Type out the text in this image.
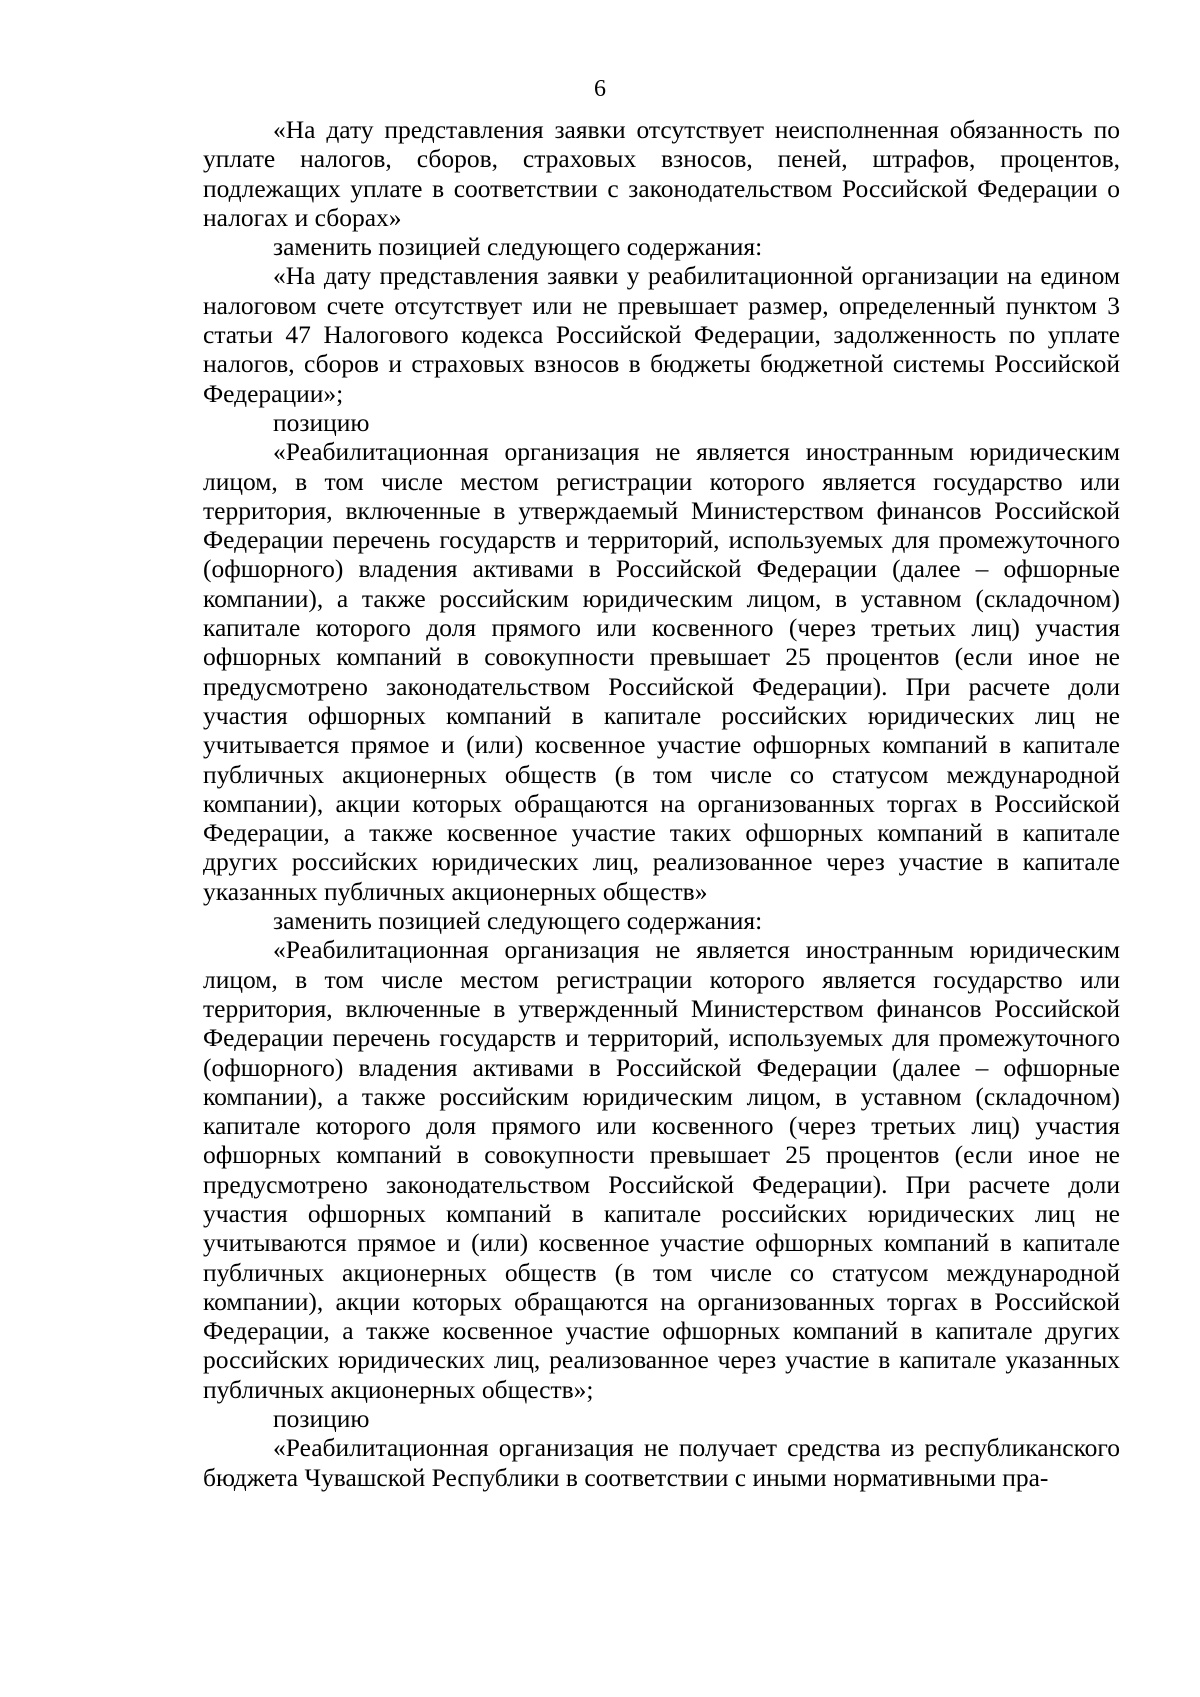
6

«На дату представления заявки отсутствует неисполненная обязанность по уплате налогов, сборов, страховых взносов, пеней, штрафов, процентов, подлежащих уплате в соответствии с законодательством Российской Федерации о налогах и сборах»

заменить позицией следующего содержания:

«На дату представления заявки у реабилитационной организации на едином налоговом счете отсутствует или не превышает размер, определенный пунктом 3 статьи 47 Налогового кодекса Российской Федерации, задолженность по уплате налогов, сборов и страховых взносов в бюджеты бюджетной системы Российской Федерации»;

позицию

«Реабилитационная организация не является иностранным юридическим лицом, в том числе местом регистрации которого является государство или территория, включенные в утверждаемый Министерством финансов Российской Федерации перечень государств и территорий, используемых для промежуточного (офшорного) владения активами в Российской Федерации (далее – офшорные компании), а также российским юридическим лицом, в уставном (складочном) капитале которого доля прямого или косвенного (через третьих лиц) участия офшорных компаний в совокупности превышает 25 процентов (если иное не предусмотрено законодательством Российской Федерации). При расчете доли участия офшорных компаний в капитале российских юридических лиц не учитывается прямое и (или) косвенное участие офшорных компаний в капитале публичных акционерных обществ (в том числе со статусом международной компании), акции которых обращаются на организованных торгах в Российской Федерации, а также косвенное участие таких офшорных компаний в капитале других российских юридических лиц, реализованное через участие в капитале указанных публичных акционерных обществ»

заменить позицией следующего содержания:

«Реабилитационная организация не является иностранным юридическим лицом, в том числе местом регистрации которого является государство или территория, включенные в утвержденный Министерством финансов Российской Федерации перечень государств и территорий, используемых для промежуточного (офшорного) владения активами в Российской Федерации (далее – офшорные компании), а также российским юридическим лицом, в уставном (складочном) капитале которого доля прямого или косвенного (через третьих лиц) участия офшорных компаний в совокупности превышает 25 процентов (если иное не предусмотрено законодательством Российской Федерации). При расчете доли участия офшорных компаний в капитале российских юридических лиц не учитываются прямое и (или) косвенное участие офшорных компаний в капитале публичных акционерных обществ (в том числе со статусом международной компании), акции которых обращаются на организованных торгах в Российской Федерации, а также косвенное участие офшорных компаний в капитале других российских юридических лиц, реализованное через участие в капитале указанных публичных акционерных обществ»;

позицию

«Реабилитационная организация не получает средства из республиканского бюджета Чувашской Республики в соответствии с иными нормативными пра-
